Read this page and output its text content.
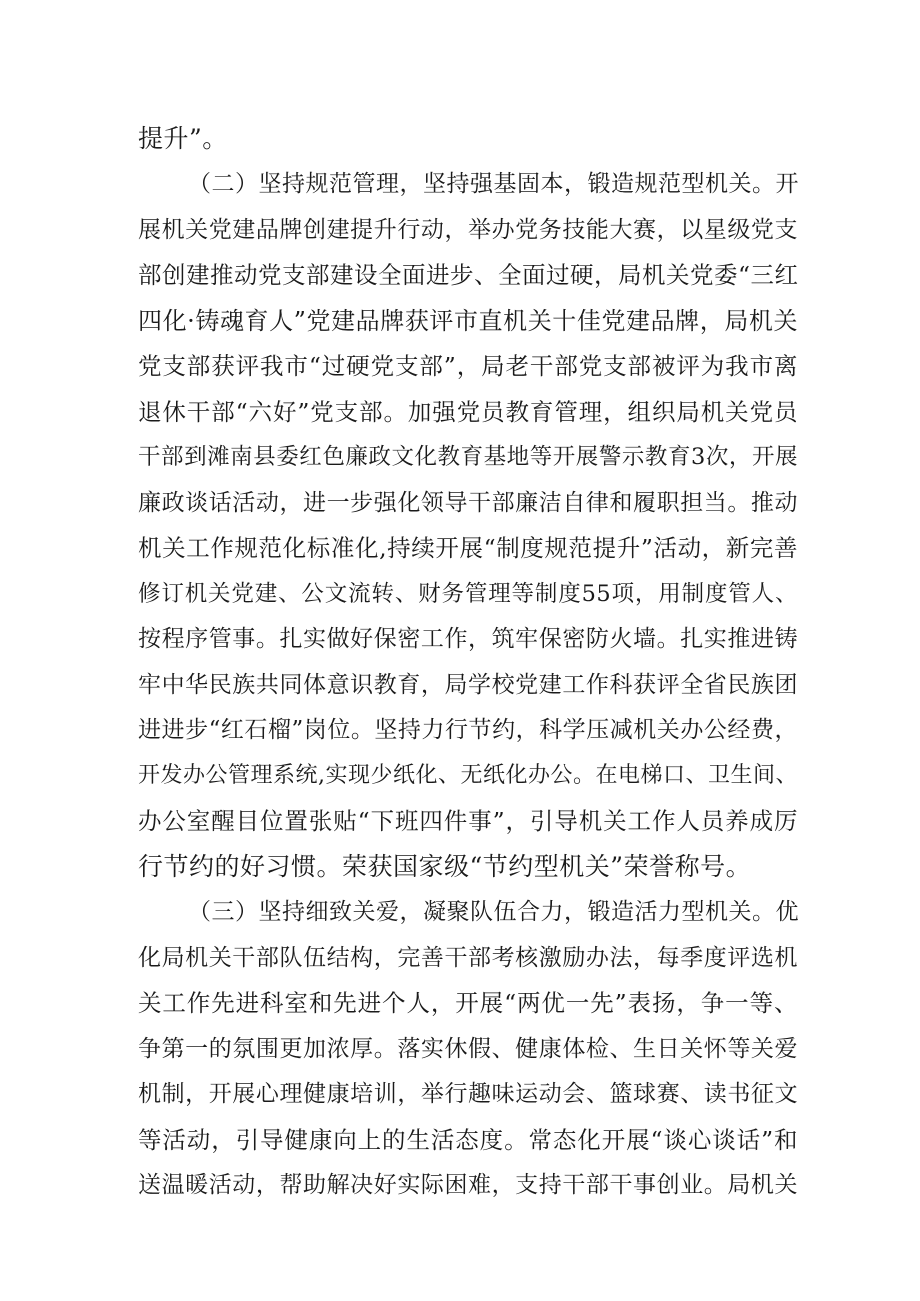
提升”。
（二）坚持规范管理，坚持强基固本，锻造规范型机关。开
展机关党建品牌创建提升行动，举办党务技能大赛，以星级党支
部创建推动党支部建设全面进步、全面过硬，局机关党委“三红
四化·铸魂育人”党建品牌获评市直机关十佳党建品牌，局机关
党支部获评我市“过硬党支部”，局老干部党支部被评为我市离
退休干部“六好”党支部。加强党员教育管理，组织局机关党员
干部到滩南县委红色廉政文化教育基地等开展警示教育3次，开展
廉政谈话活动，进一步强化领导干部廉洁自律和履职担当。推动
机关工作规范化标准化,持续开展“制度规范提升”活动，新完善
修订机关党建、公文流转、财务管理等制度55项，用制度管人、
按程序管事。扎实做好保密工作，筑牢保密防火墙。扎实推进铸
牢中华民族共同体意识教育，局学校党建工作科获评全省民族团
进进步“红石榴”岗位。坚持力行节约，科学压减机关办公经费，
开发办公管理系统,实现少纸化、无纸化办公。在电梯口、卫生间、
办公室醒目位置张贴“下班四件事”，引导机关工作人员养成厉
行节约的好习惯。荣获国家级“节约型机关”荣誉称号。
（三）坚持细致关爱，凝聚队伍合力，锻造活力型机关。优
化局机关干部队伍结构，完善干部考核激励办法，每季度评选机
关工作先进科室和先进个人，开展“两优一先”表扬，争一等、
争第一的氛围更加浓厚。落实休假、健康体检、生日关怀等关爱
机制，开展心理健康培训，举行趣味运动会、篮球赛、读书征文
等活动，引导健康向上的生活态度。常态化开展“谈心谈话”和
送温暖活动，帮助解决好实际困难，支持干部干事创业。局机关
